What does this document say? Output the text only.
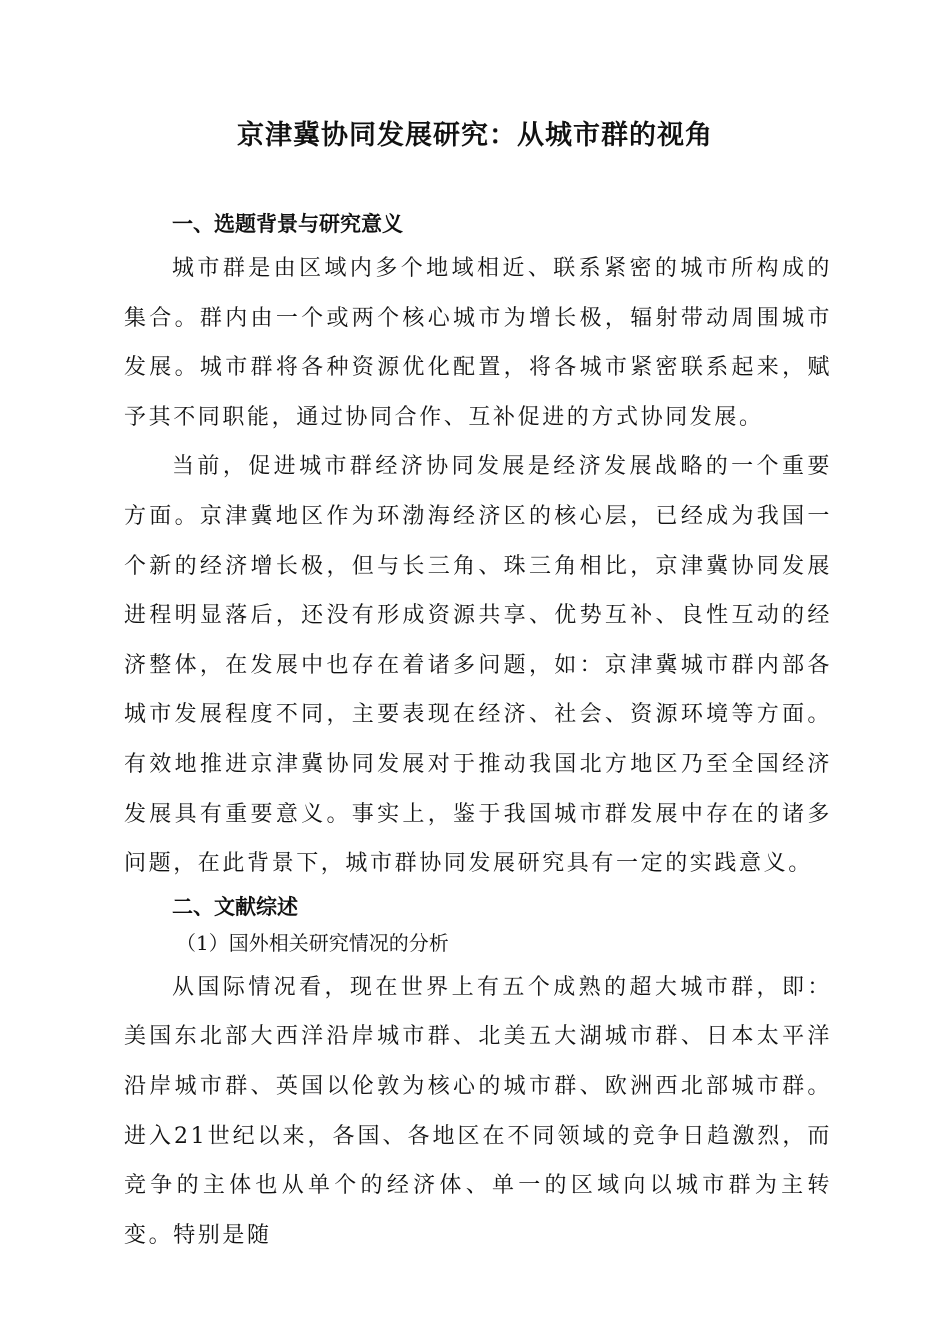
京津冀协同发展研究：从城市群的视角
一、选题背景与研究意义

城市群是由区域内多个地域相近、联系紧密的城市所构成的集合。群内由一个或两个核心城市为增长极，辐射带动周围城市发展。城市群将各种资源优化配置，将各城市紧密联系起来，赋予其不同职能，通过协同合作、互补促进的方式协同发展。

当前，促进城市群经济协同发展是经济发展战略的一个重要方面。京津冀地区作为环渤海经济区的核心层，已经成为我国一个新的经济增长极，但与长三角、珠三角相比，京津冀协同发展进程明显落后，还没有形成资源共享、优势互补、良性互动的经济整体，在发展中也存在着诸多问题，如：京津冀城市群内部各城市发展程度不同，主要表现在经济、社会、资源环境等方面。有效地推进京津冀协同发展对于推动我国北方地区乃至全国经济发展具有重要意义。事实上，鉴于我国城市群发展中存在的诸多问题，在此背景下，城市群协同发展研究具有一定的实践意义。

二、文献综述
（1）国外相关研究情况的分析

从国际情况看，现在世界上有五个成熟的超大城市群，即：美国东北部大西洋沿岸城市群、北美五大湖城市群、日本太平洋沿岸城市群、英国以伦敦为核心的城市群、欧洲西北部城市群。进入21世纪以来，各国、各地区在不同领域的竞争日趋激烈，而竞争的主体也从单个的经济体、单一的区域向以城市群为主转变。特别是随
